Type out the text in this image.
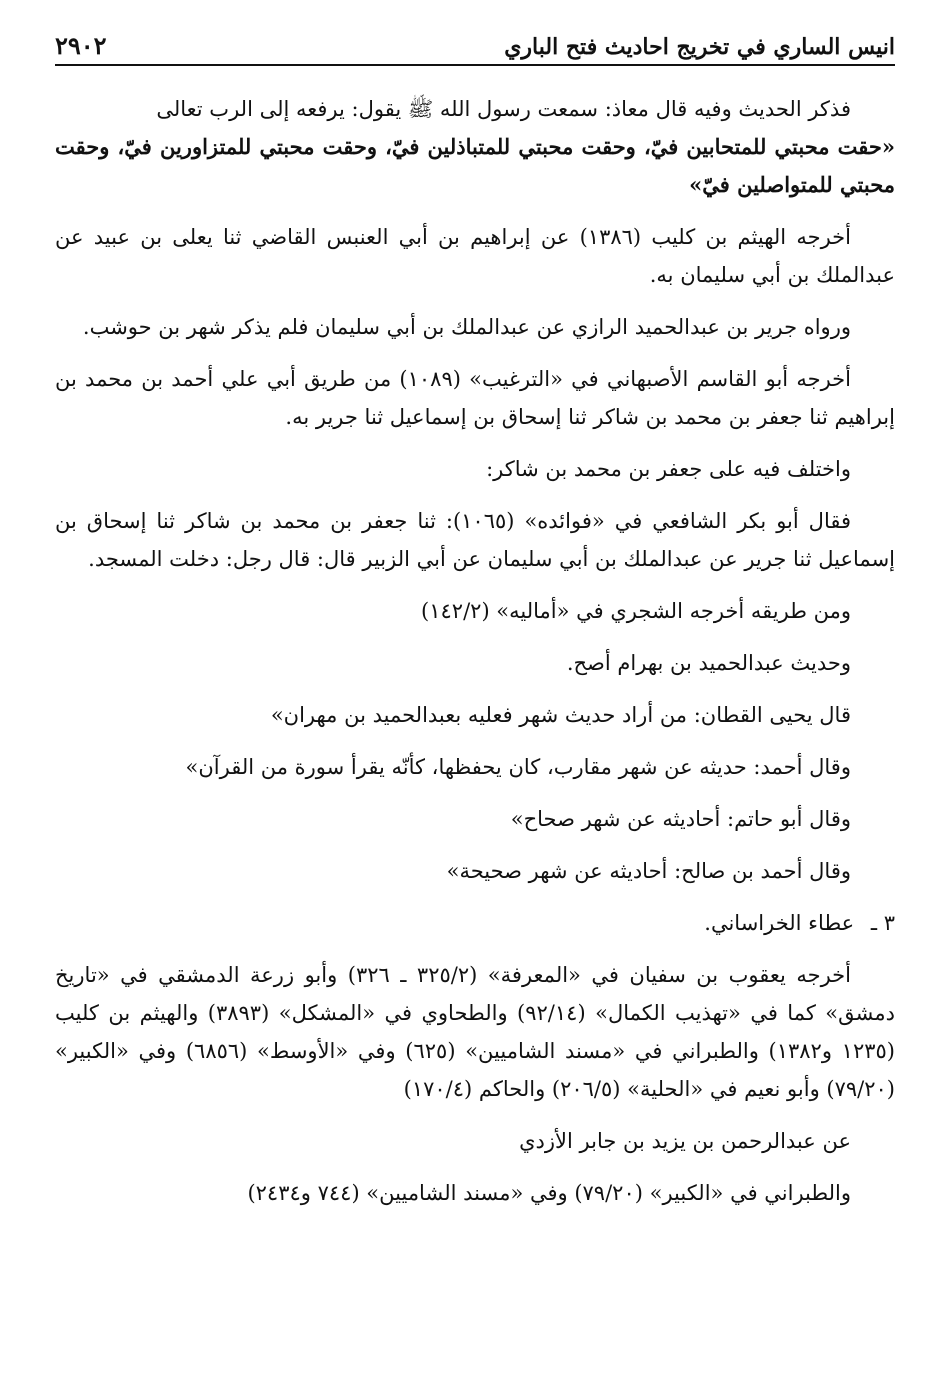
انيس الساري في تخريج احاديث فتح الباري
٢٩٠٢

فذكر الحديث وفيه قال معاذ: سمعت رسول الله ﷺ يقول: يرفعه إلى الرب تعالى

«حقت محبتي للمتحابين فيّ، وحقت محبتي للمتباذلين فيّ، وحقت محبتي للمتزاورين فيّ، وحقت محبتي للمتواصلين فيّ»

أخرجه الهيثم بن كليب (١٣٨٦) عن إبراهيم بن أبي العنبس القاضي ثنا يعلى بن عبيد عن عبدالملك بن أبي سليمان به.

ورواه جرير بن عبدالحميد الرازي عن عبدالملك بن أبي سليمان فلم يذكر شهر بن حوشب.

أخرجه أبو القاسم الأصبهاني في «الترغيب» (١٠٨٩) من طريق أبي علي أحمد بن محمد بن إبراهيم ثنا جعفر بن محمد بن شاكر ثنا إسحاق بن إسماعيل ثنا جرير به.

واختلف فيه على جعفر بن محمد بن شاكر:

فقال أبو بكر الشافعي في «فوائده» (١٠٦٥): ثنا جعفر بن محمد بن شاكر ثنا إسحاق بن إسماعيل ثنا جرير عن عبدالملك بن أبي سليمان عن أبي الزبير قال: قال رجل: دخلت المسجد.

ومن طريقه أخرجه الشجري في «أماليه» (١٤٢/٢)

وحديث عبدالحميد بن بهرام أصح.

قال يحيى القطان: من أراد حديث شهر فعليه بعبدالحميد بن مهران»

وقال أحمد: حديثه عن شهر مقارب، كان يحفظها، كأنّه يقرأ سورة من القرآن»

وقال أبو حاتم: أحاديثه عن شهر صحاح»

وقال أحمد بن صالح: أحاديثه عن شهر صحيحة»

٣ ـ عطاء الخراساني.

أخرجه يعقوب بن سفيان في «المعرفة» (٣٢٥/٢ ـ ٣٢٦) وأبو زرعة الدمشقي في «تاريخ دمشق» كما في «تهذيب الكمال» (٩٢/١٤) والطحاوي في «المشكل» (٣٨٩٣) والهيثم بن كليب (١٢٣٥ و١٣٨٢) والطبراني في «مسند الشاميين» (٦٢٥) وفي «الأوسط» (٦٨٥٦) وفي «الكبير» (٧٩/٢٠) وأبو نعيم في «الحلية» (٢٠٦/٥) والحاكم (١٧٠/٤)

عن عبدالرحمن بن يزيد بن جابر الأزدي

والطبراني في «الكبير» (٧٩/٢٠) وفي «مسند الشاميين» (٧٤٤ و٢٤٣٤)
